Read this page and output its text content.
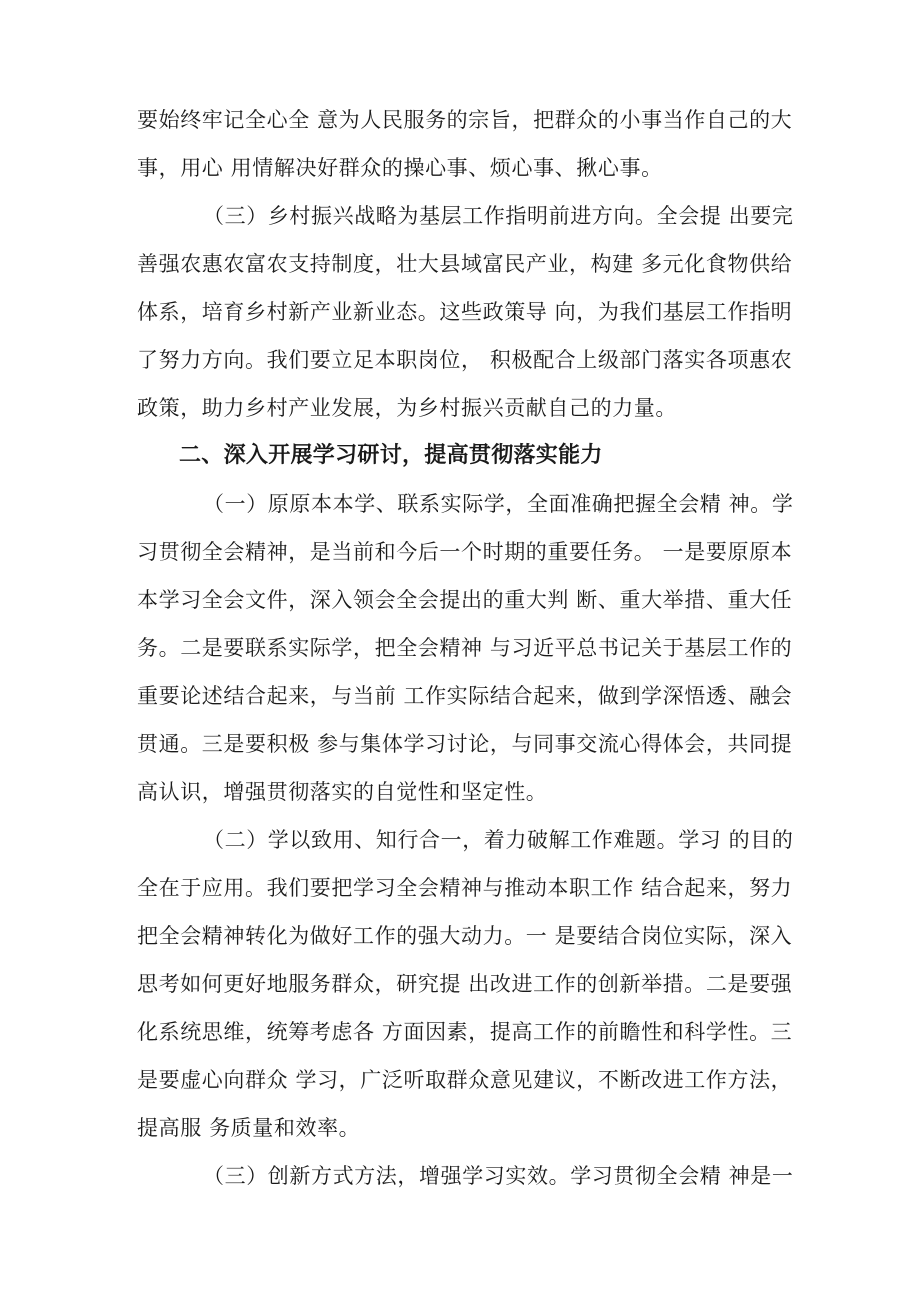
要始终牢记全心全 意为人民服务的宗旨，把群众的小事当作自己的大
事，用心 用情解决好群众的操心事、烦心事、揪心事。
（三）乡村振兴战略为基层工作指明前进方向。全会提 出要完
善强农惠农富农支持制度，壮大县域富民产业，构建 多元化食物供给
体系，培育乡村新产业新业态。这些政策导 向，为我们基层工作指明
了努力方向。我们要立足本职岗位， 积极配合上级部门落实各项惠农
政策，助力乡村产业发展，为乡村振兴贡献自己的力量。
二、深入开展学习研讨，提高贯彻落实能力
（一）原原本本学、联系实际学，全面准确把握全会精 神。学
习贯彻全会精神，是当前和今后一个时期的重要任务。 一是要原原本
本学习全会文件，深入领会全会提出的重大判 断、重大举措、重大任
务。二是要联系实际学，把全会精神 与习近平总书记关于基层工作的
重要论述结合起来，与当前 工作实际结合起来，做到学深悟透、融会
贯通。三是要积极 参与集体学习讨论，与同事交流心得体会，共同提
高认识，增强贯彻落实的自觉性和坚定性。
（二）学以致用、知行合一，着力破解工作难题。学习 的目的
全在于应用。我们要把学习全会精神与推动本职工作 结合起来，努力
把全会精神转化为做好工作的强大动力。一 是要结合岗位实际，深入
思考如何更好地服务群众，研究提 出改进工作的创新举措。二是要强
化系统思维，统筹考虑各 方面因素，提高工作的前瞻性和科学性。三
是要虚心向群众 学习，广泛听取群众意见建议，不断改进工作方法，
提高服 务质量和效率。
（三）创新方式方法，增强学习实效。学习贯彻全会精 神是一
